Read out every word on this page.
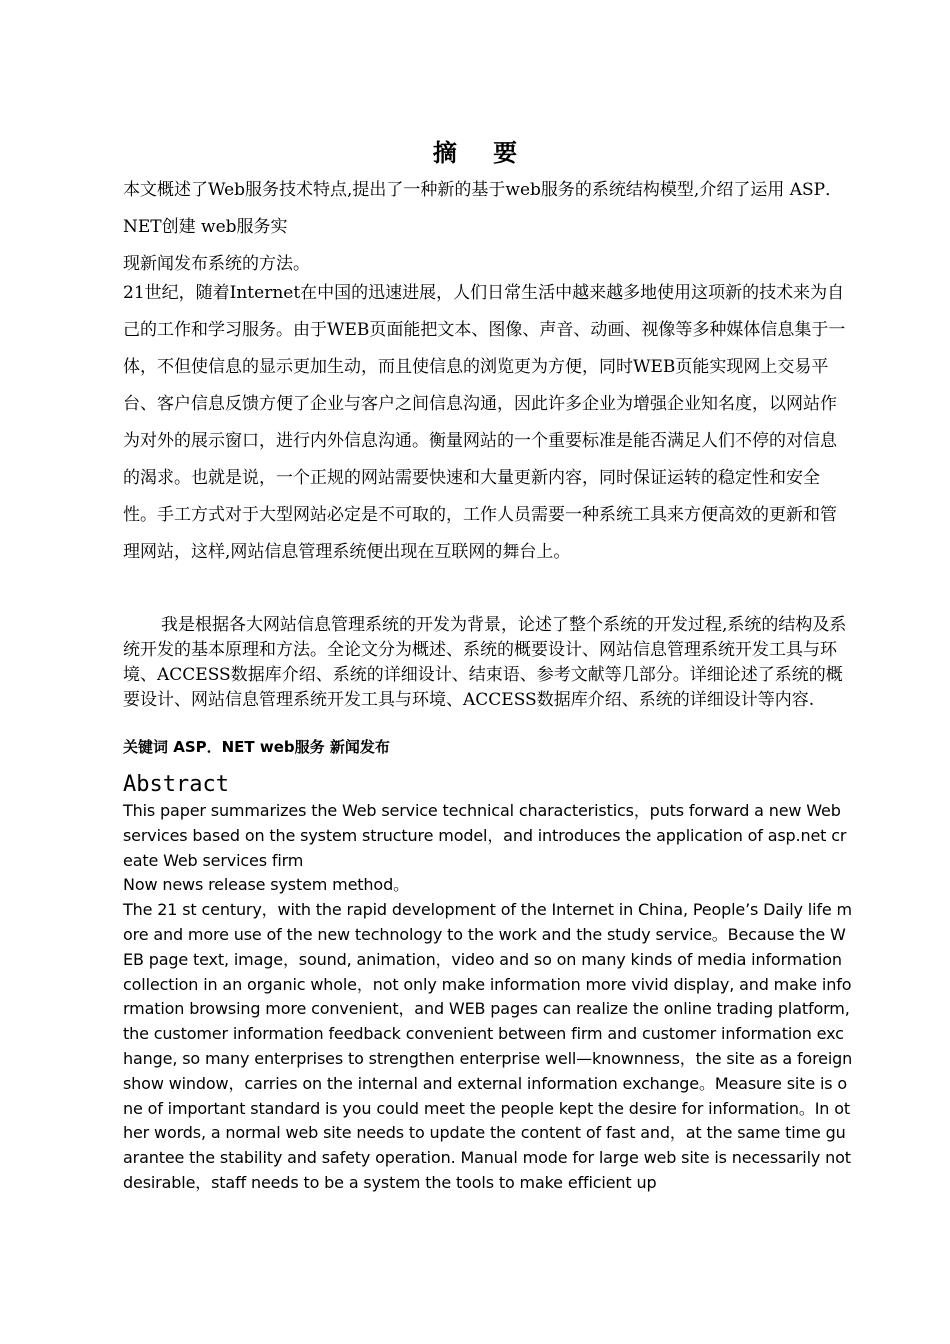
摘 要

本文概述了Web服务技术特点,提出了一种新的基于web服务的系统结构模型,介绍了运用 ASP．NET创建 web服务实

现新闻发布系统的方法。

21世纪，随着Internet在中国的迅速进展，人们日常生活中越来越多地使用这项新的技术来为自己的工作和学习服务。由于WEB页面能把文本、图像、声音、动画、视像等多种媒体信息集于一体，不但使信息的显示更加生动，而且使信息的浏览更为方便，同时WEB页能实现网上交易平台、客户信息反馈方便了企业与客户之间信息沟通，因此许多企业为增强企业知名度，以网站作为对外的展示窗口，进行内外信息沟通。衡量网站的一个重要标准是能否满足人们不停的对信息的渴求。也就是说，一个正规的网站需要快速和大量更新内容，同时保证运转的稳定性和安全性。手工方式对于大型网站必定是不可取的，工作人员需要一种系统工具来方便高效的更新和管理网站，这样,网站信息管理系统便出现在互联网的舞台上。

我是根据各大网站信息管理系统的开发为背景，论述了整个系统的开发过程,系统的结构及系统开发的基本原理和方法。全论文分为概述、系统的概要设计、网站信息管理系统开发工具与环境、ACCESS数据库介绍、系统的详细设计、结束语、参考文献等几部分。详细论述了系统的概要设计、网站信息管理系统开发工具与环境、ACCESS数据库介绍、系统的详细设计等内容.

关键词 ASP．NET web服务 新闻发布

Abstract

This paper summarizes the Web service technical characteristics，puts forward a new Web services based on the system structure model，and introduces the application of asp.net create Web services firm

Now news release system method。

The 21 st century，with the rapid development of the Internet in China, People’s Daily life more and more use of the new technology to the work and the study service。Because the WEB page text, image，sound, animation，video and so on many kinds of media information collection in an organic whole，not only make information more vivid display, and make information browsing more convenient，and WEB pages can realize the online trading platform, the customer information feedback convenient between firm and customer information exchange, so many enterprises to strengthen enterprise well—knownness，the site as a foreign show window，carries on the internal and external information exchange。Measure site is one of important standard is you could meet the people kept the desire for information。In other words, a normal web site needs to update the content of fast and，at the same time guarantee the stability and safety operation. Manual mode for large web site is necessarily not desirable，staff needs to be a system the tools to make efficient up
